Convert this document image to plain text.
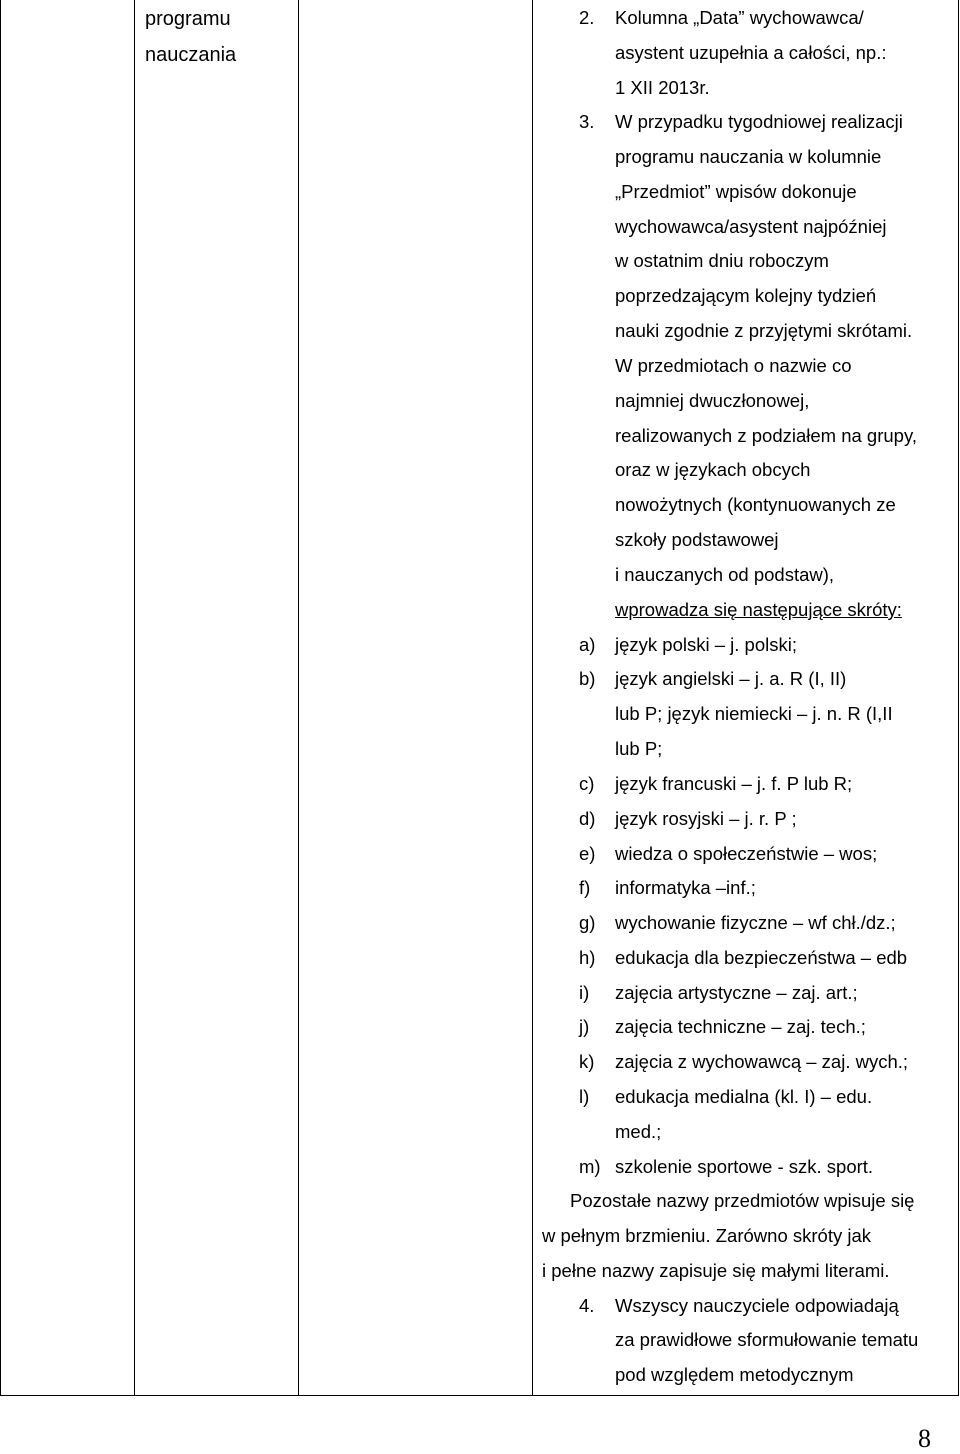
programu
nauczania
2. Kolumna „Data” wychowawca/
asystent uzupełnia a całości, np.:
1 XII 2013r.
3. W przypadku tygodniowej realizacji
programu nauczania w kolumnie
„Przedmiot” wpisów dokonuje
wychowawca/asystent najpóźniej
w ostatnim dniu roboczym
poprzedzającym kolejny tydzień
nauki zgodnie z przyjętymi skrótami.
W przedmiotach o nazwie co
najmniej dwuczłonowej,
realizowanych z podziałem na grupy,
oraz w językach obcych
nowożytnych (kontynuowanych ze
szkoły podstawowej
i nauczanych od podstaw),
wprowadza się następujące skróty:
a) język polski – j. polski;
b) język angielski – j. a. R (I, II)
lub P; język niemiecki – j. n. R (I,II
lub P;
c) język francuski – j. f. P lub R;
d) język rosyjski – j. r. P ;
e) wiedza o społeczeństwie – wos;
f) informatyka –inf.;
g) wychowanie fizyczne – wf chł./dz.;
h) edukacja dla bezpieczeństwa – edb
i) zajęcia artystyczne – zaj. art.;
j) zajęcia techniczne – zaj. tech.;
k) zajęcia z wychowawcą – zaj. wych.;
l) edukacja medialna (kl. I) – edu.
med.;
m) szkolenie sportowe - szk. sport.
Pozostałe nazwy przedmiotów wpisuje się
w pełnym brzmieniu. Zarówno skróty jak
i pełne nazwy zapisuje się małymi literami.
4. Wszyscy nauczyciele odpowiadają
za prawidłowe sformułowanie tematu
pod względem metodycznym
8
